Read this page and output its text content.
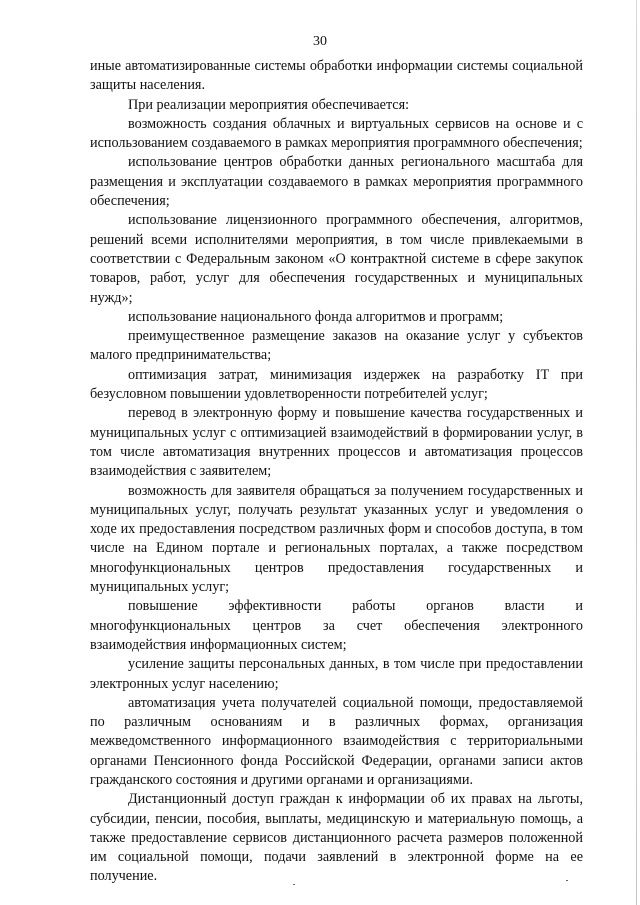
30

иные автоматизированные системы обработки информации системы социальной защиты населения.

При реализации мероприятия обеспечивается:

возможность создания облачных и виртуальных сервисов на основе и с использованием создаваемого в рамках мероприятия программного обеспечения;

использование центров обработки данных регионального масштаба для размещения и эксплуатации создаваемого в рамках мероприятия программного обеспечения;

использование лицензионного программного обеспечения, алгоритмов, решений всеми исполнителями мероприятия, в том числе привлекаемыми в соответствии с Федеральным законом «О контрактной системе в сфере закупок товаров, работ, услуг для обеспечения государственных и муниципальных нужд»;

использование национального фонда алгоритмов и программ;

преимущественное размещение заказов на оказание услуг у субъектов малого предпринимательства;

оптимизация затрат, минимизация издержек на разработку IT при безусловном повышении удовлетворенности потребителей услуг;

перевод в электронную форму и повышение качества государственных и муниципальных услуг с оптимизацией взаимодействий в формировании услуг, в том числе автоматизация внутренних процессов и автоматизация процессов взаимодействия с заявителем;

возможность для заявителя обращаться за получением государственных и муниципальных услуг, получать результат указанных услуг и уведомления о ходе их предоставления посредством различных форм и способов доступа, в том числе на Едином портале и региональных порталах, а также посредством многофункциональных центров предоставления государственных и муниципальных услуг;

повышение эффективности работы органов власти и многофункциональных центров за счет обеспечения электронного взаимодействия информационных систем;

усиление защиты персональных данных, в том числе при предоставлении электронных услуг населению;

автоматизация учета получателей социальной помощи, предоставляемой по различным основаниям и в различных формах, организация межведомственного информационного взаимодействия с территориальными органами Пенсионного фонда Российской Федерации, органами записи актов гражданского состояния и другими органами и организациями.

Дистанционный доступ граждан к информации об их правах на льготы, субсидии, пенсии, пособия, выплаты, медицинскую и материальную помощь, а также предоставление сервисов дистанционного расчета размеров положенной им социальной помощи, подачи заявлений в электронной форме на ее получение.
